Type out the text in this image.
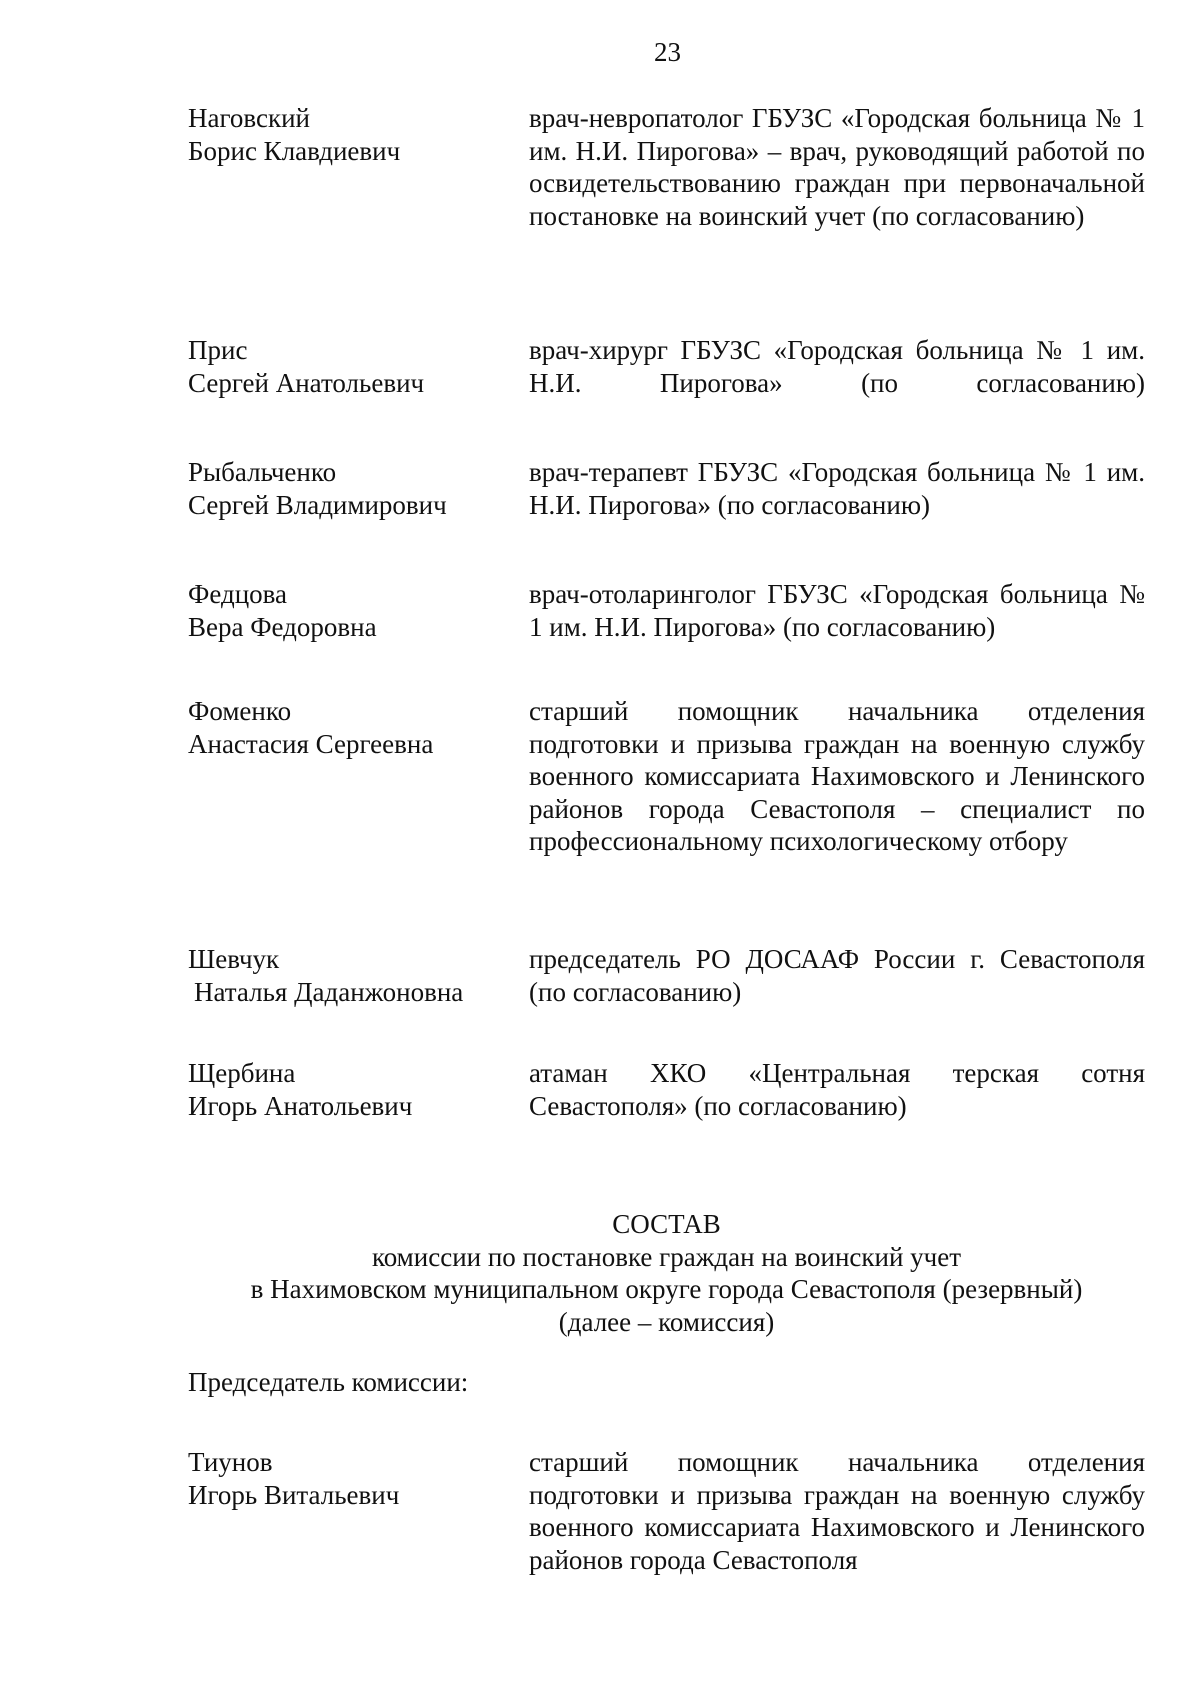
23
Наговский
Борис Клавдиевич
врач-невропатолог ГБУЗС «Городская больница № 1 им. Н.И. Пирогова» – врач, руководящий работой по освидетельствованию граждан при первоначальной постановке на воинский учет (по согласованию)
Прис
Сергей Анатольевич
врач-хирург ГБУЗС «Городская больница № 1 им. Н.И. Пирогова» (по согласованию)
Рыбальченко
Сергей Владимирович
врач-терапевт ГБУЗС «Городская больница № 1 им. Н.И. Пирогова» (по согласованию)
Федцова
Вера Федоровна
врач-отоларинголог ГБУЗС «Городская больница № 1 им. Н.И. Пирогова» (по согласованию)
Фоменко
Анастасия Сергеевна
старший помощник начальника отделения подготовки и призыва граждан на военную службу военного комиссариата Нахимовского и Ленинского районов города Севастополя – специалист по профессиональному психологическому отбору
Шевчук
Наталья Даданжоновна
председатель РО ДОСААФ России г. Севастополя (по согласованию)
Щербина
Игорь Анатольевич
атаман ХКО «Центральная терская сотня Севастополя» (по согласованию)
СОСТАВ
комиссии по постановке граждан на воинский учет
в Нахимовском муниципальном округе города Севастополя (резервный)
(далее – комиссия)
Председатель комиссии:
Тиунов
Игорь Витальевич
старший помощник начальника отделения подготовки и призыва граждан на военную службу военного комиссариата Нахимовского и Ленинского районов города Севастополя
